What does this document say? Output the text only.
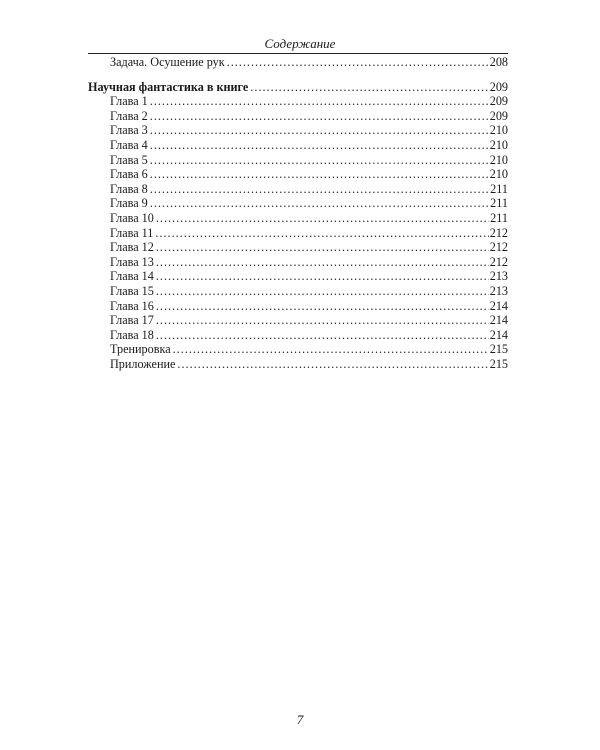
Содержание
Задача. Осушение рук .....	208
Научная фантастика в книге .....	209
Глава 1 .....	209
Глава 2 .....	209
Глава 3 .....	210
Глава 4 .....	210
Глава 5 .....	210
Глава 6 .....	210
Глава 8 .....	211
Глава 9 .....	211
Глава 10 .....	211
Глава 11 .....	212
Глава 12 .....	212
Глава 13 .....	212
Глава 14 .....	213
Глава 15 .....	213
Глава 16 .....	214
Глава 17 .....	214
Глава 18 .....	214
Тренировка .....	215
Приложение .....	215
7
